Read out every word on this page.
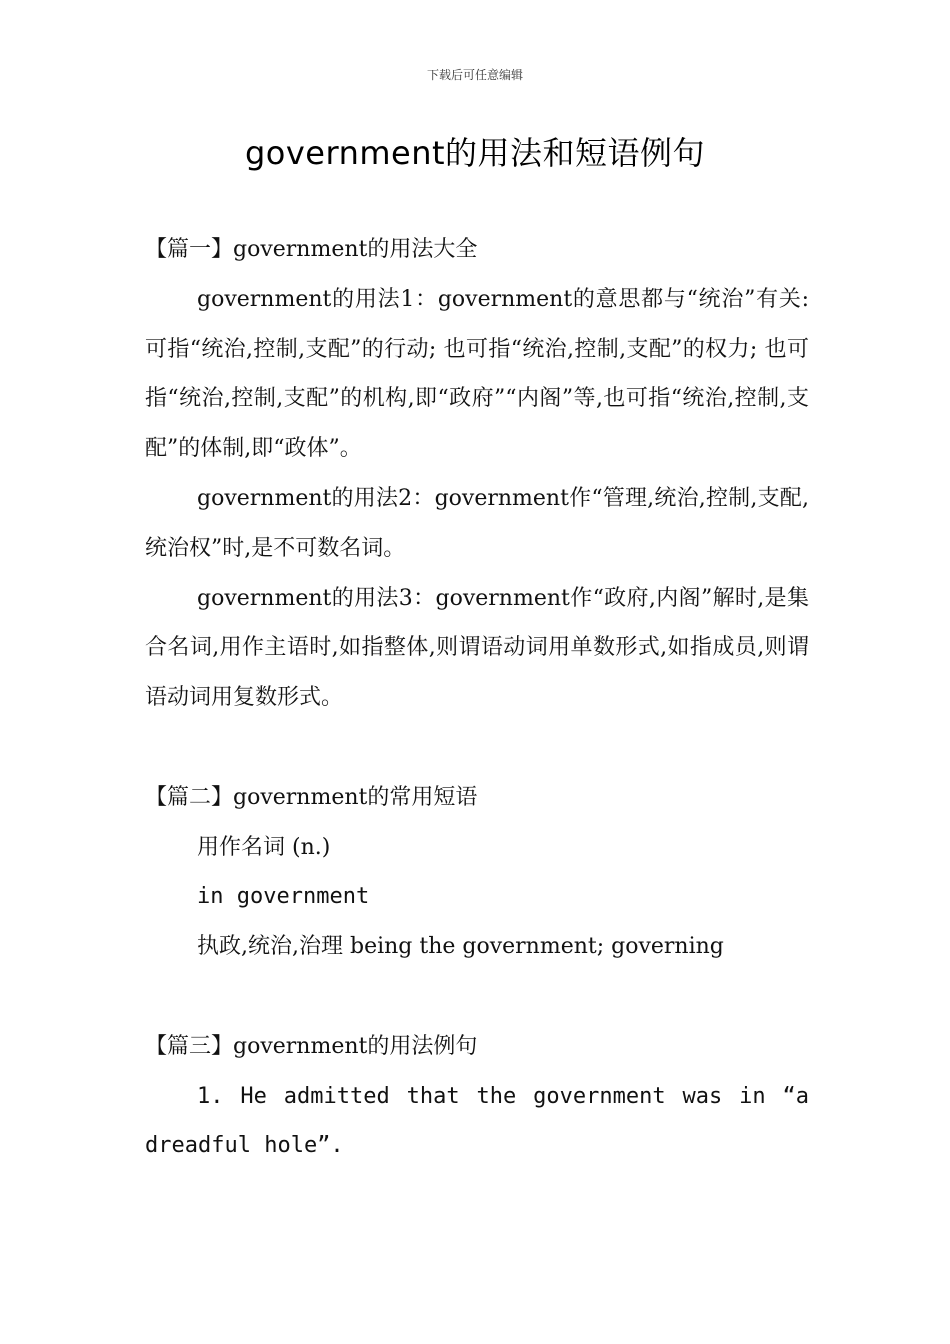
下载后可任意编辑
government的用法和短语例句

【篇一】government的用法大全

government的用法1：government的意思都与“统治”有关:可指“统治,控制,支配”的行动; 也可指“统治,控制,支配”的权力; 也可指“统治,控制,支配”的机构,即“政府”“内阁”等,也可指“统治,控制,支配”的体制,即“政体”。

government的用法2：government作“管理,统治,控制,支配,统治权”时,是不可数名词。

government的用法3：government作“政府,内阁”解时,是集合名词,用作主语时,如指整体,则谓语动词用单数形式,如指成员,则谓语动词用复数形式。

【篇二】government的常用短语

用作名词 (n.)

in government

执政,统治,治理 being the government; governing

【篇三】government的用法例句

1. He admitted that the government was in “a dreadful hole”.
